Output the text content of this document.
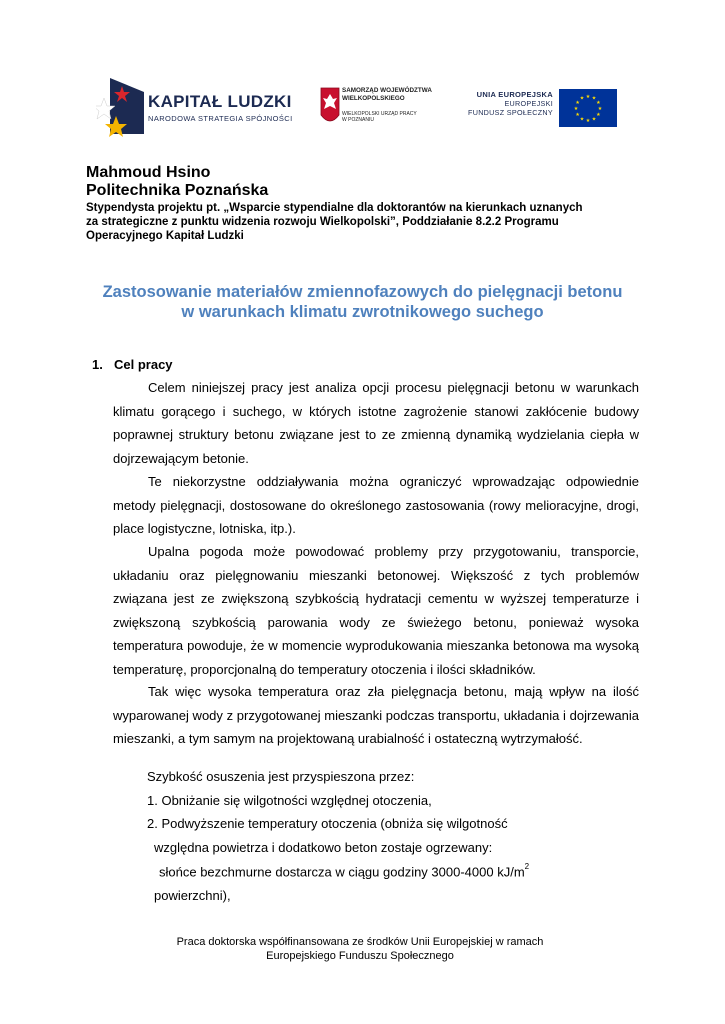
KAPITAŁ LUDZKI
NARODOWA STRATEGIA SPÓJNOŚCI
SAMORZĄD WOJEWÓDZTWA
WIELKOPOLSKIEGO
WIELKOPOLSKI URZĄD PRACY
W POZNANIU
UNIA EUROPEJSKA
EUROPEJSKI
FUNDUSZ SPOŁECZNY
★ ★
★
★
★
★
★
★
★
★
★
★
Mahmoud Hsino
Politechnika Poznańska
Stypendysta projektu pt. „Wsparcie stypendialne dla doktorantów na kierunkach uznanych
za strategiczne z punktu widzenia rozwoju Wielkopolski”, Poddziałanie 8.2.2 Programu
Operacyjnego Kapitał Ludzki
Zastosowanie materiałów zmiennofazowych do pielęgnacji betonu
w warunkach klimatu zwrotnikowego suchego
1. Cel pracy

Celem niniejszej pracy jest analiza opcji procesu pielęgnacji betonu w warunkach klimatu gorącego i suchego, w których istotne zagrożenie stanowi zakłócenie budowy poprawnej struktury betonu związane jest to ze zmienną dynamiką wydzielania ciepła w dojrzewającym betonie.

Te niekorzystne oddziaływania można ograniczyć wprowadzając odpowiednie metody pielęgnacji, dostosowane do określonego zastosowania (rowy melioracyjne, drogi, place logistyczne, lotniska, itp.).

Upalna pogoda może powodować problemy przy przygotowaniu, transporcie, układaniu oraz pielęgnowaniu mieszanki betonowej. Większość z tych problemów związana jest ze zwiększoną szybkością hydratacji cementu w wyższej temperaturze i zwiększoną szybkością parowania wody ze świeżego betonu, ponieważ wysoka temperatura powoduje, że w momencie wyprodukowania mieszanka betonowa ma wysoką temperaturę, proporcjonalną do temperatury otoczenia i ilości składników.

Tak więc wysoka temperatura oraz zła pielęgnacja betonu, mają wpływ na ilość wyparowanej wody z przygotowanej mieszanki podczas transportu, układania i dojrzewania mieszanki, a tym samym na projektowaną urabialność i ostateczną wytrzymałość.

Szybkość osuszenia jest przyspieszona przez:
1. Obniżanie się wilgotności względnej otoczenia,
2. Podwyższenie temperatury otoczenia (obniża się wilgotność
względna powietrza i dodatkowo beton zostaje ogrzewany:
słońce bezchmurne dostarcza w ciągu godziny 3000-4000 $kJ/m^2$
powierzchni),
Praca doktorska współfinansowana ze środków Unii Europejskiej w ramach
Europejskiego Funduszu Społecznego
